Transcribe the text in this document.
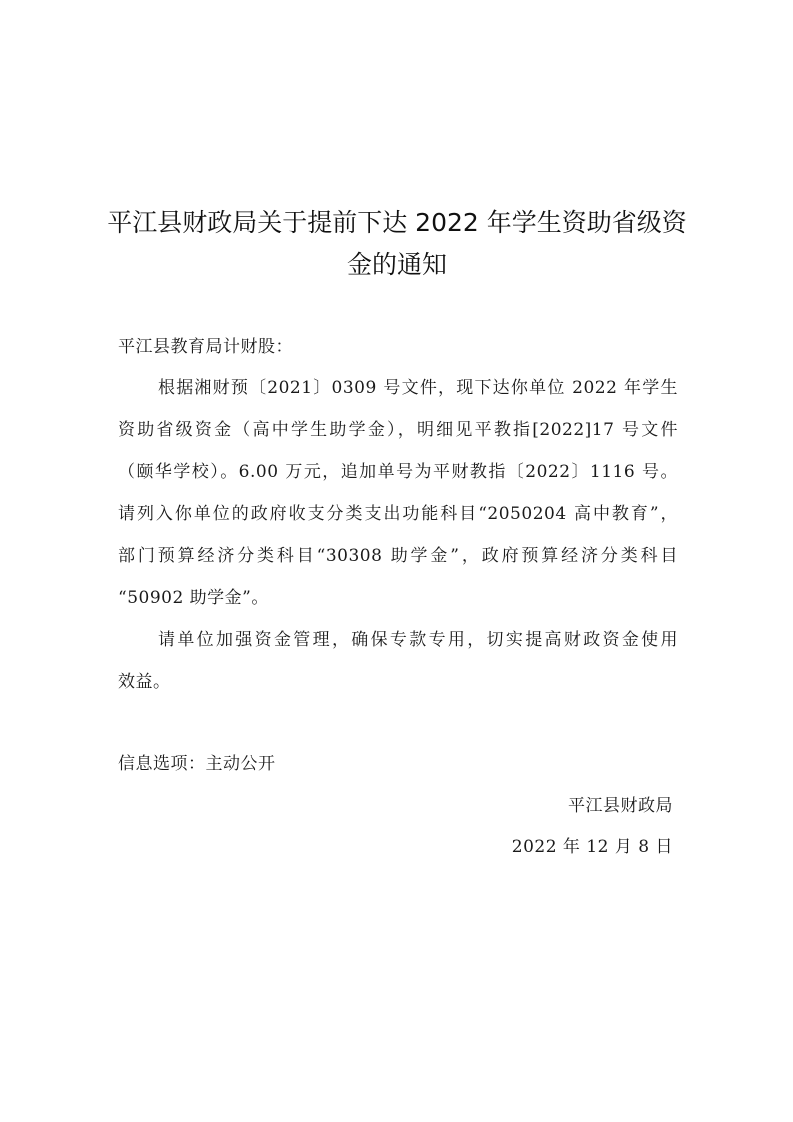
平江县财政局关于提前下达 2022 年学生资助省级资
金的通知
平江县教育局计财股：
根据湘财预〔2021〕0309 号文件，现下达你单位 2022 年学生
资助省级资金（高中学生助学金），明细见平教指[2022]17 号文件
（颐华学校）。6.00 万元，追加单号为平财教指〔2022〕1116 号。
请列入你单位的政府收支分类支出功能科目“2050204 高中教育”，
部门预算经济分类科目“30308 助学金”，政府预算经济分类科目
“50902 助学金”。
请单位加强资金管理，确保专款专用，切实提高财政资金使用
效益。
信息选项：主动公开
平江县财政局
2022 年 12 月 8 日
